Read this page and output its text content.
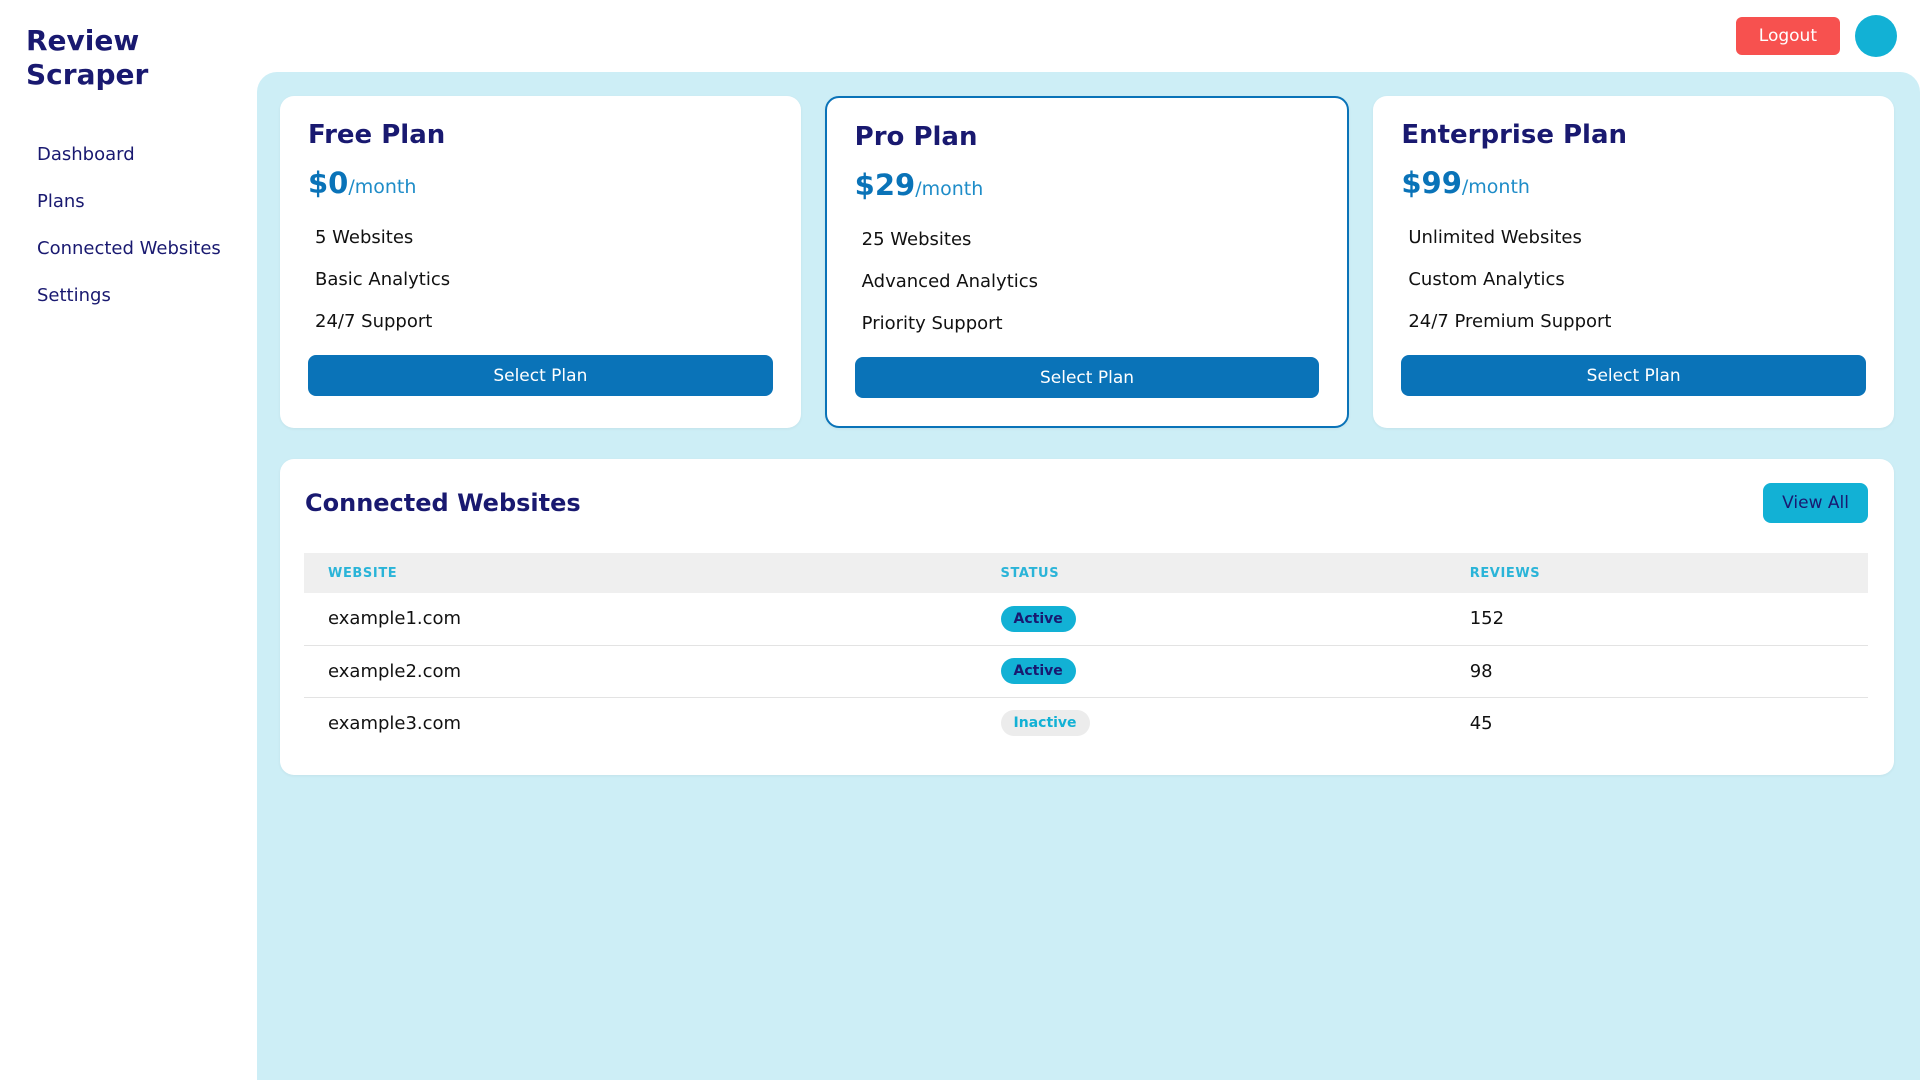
Review Scraper
Dashboard
Plans
Connected Websites
Settings
Logout
Free Plan
$0/month
5 Websites
Basic Analytics
24/7 Support
Select Plan
Pro Plan
$29/month
25 Websites
Advanced Analytics
Priority Support
Select Plan
Enterprise Plan
$99/month
Unlimited Websites
Custom Analytics
24/7 Premium Support
Select Plan
Connected Websites	View All
WEBSITE	STATUS	REVIEWS
example1.com	Active	152
example2.com	Active	98
example3.com	Inactive	45
